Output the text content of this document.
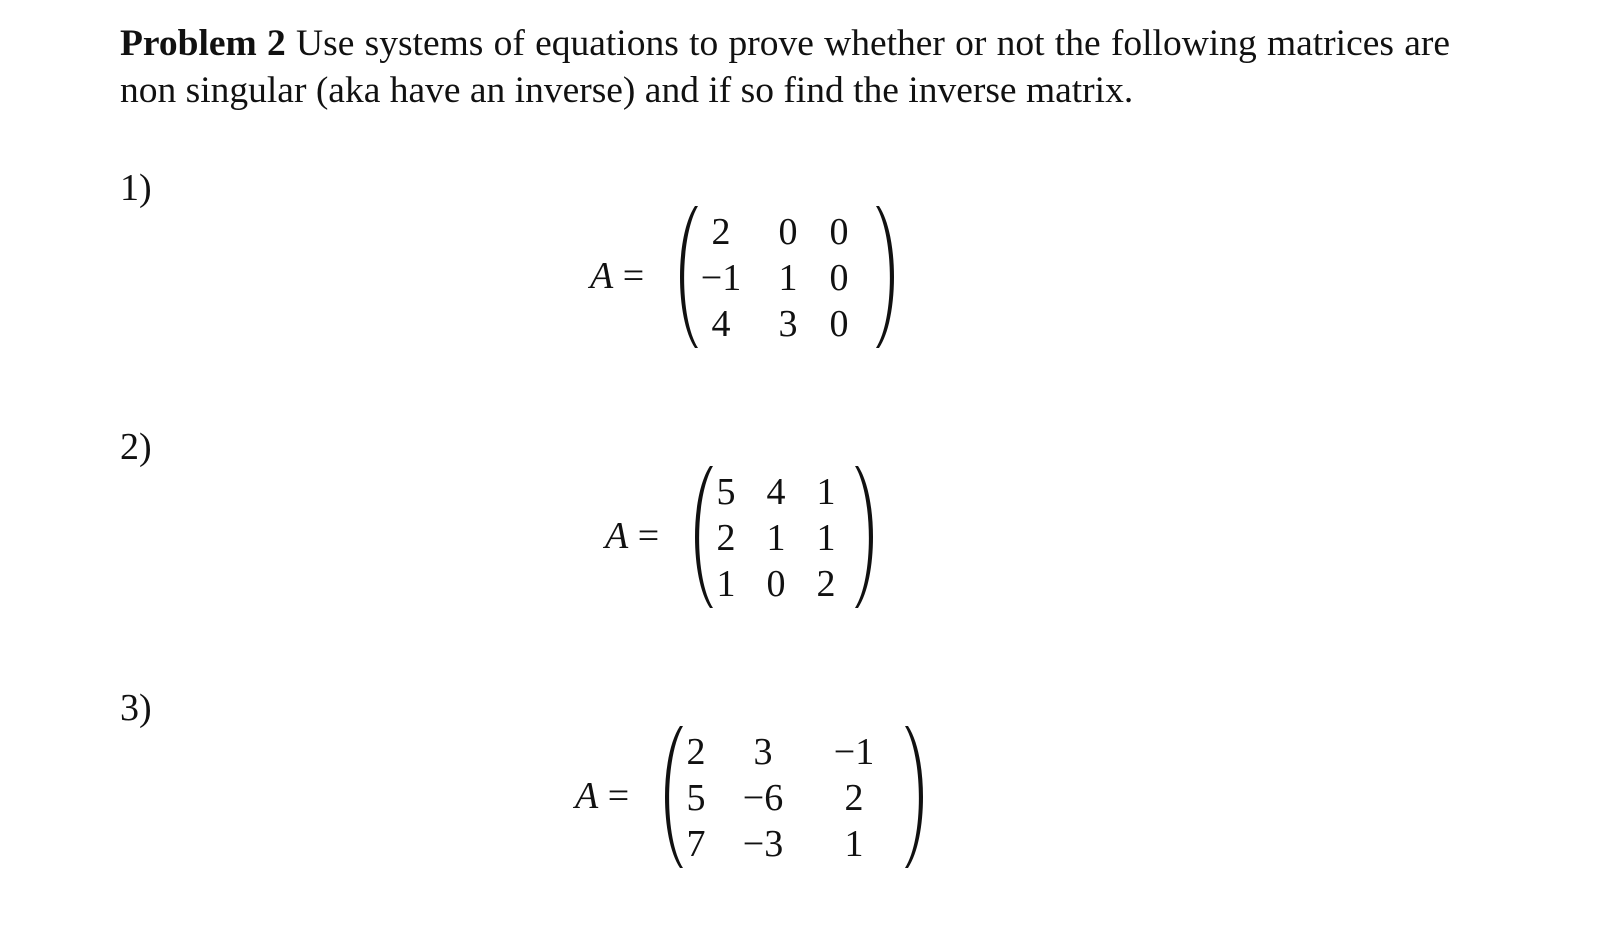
Problem 2 Use systems of equations to prove whether or not the following matrices are non singular (aka have an inverse) and if so find the inverse matrix.
1)
A =
2	0 0
−1 1 0
4	3 0
2)
A =
5 4 1
2 1 1
1 0 2
3)
A =
2	3	−1
5 −6	2
7 −3	1
